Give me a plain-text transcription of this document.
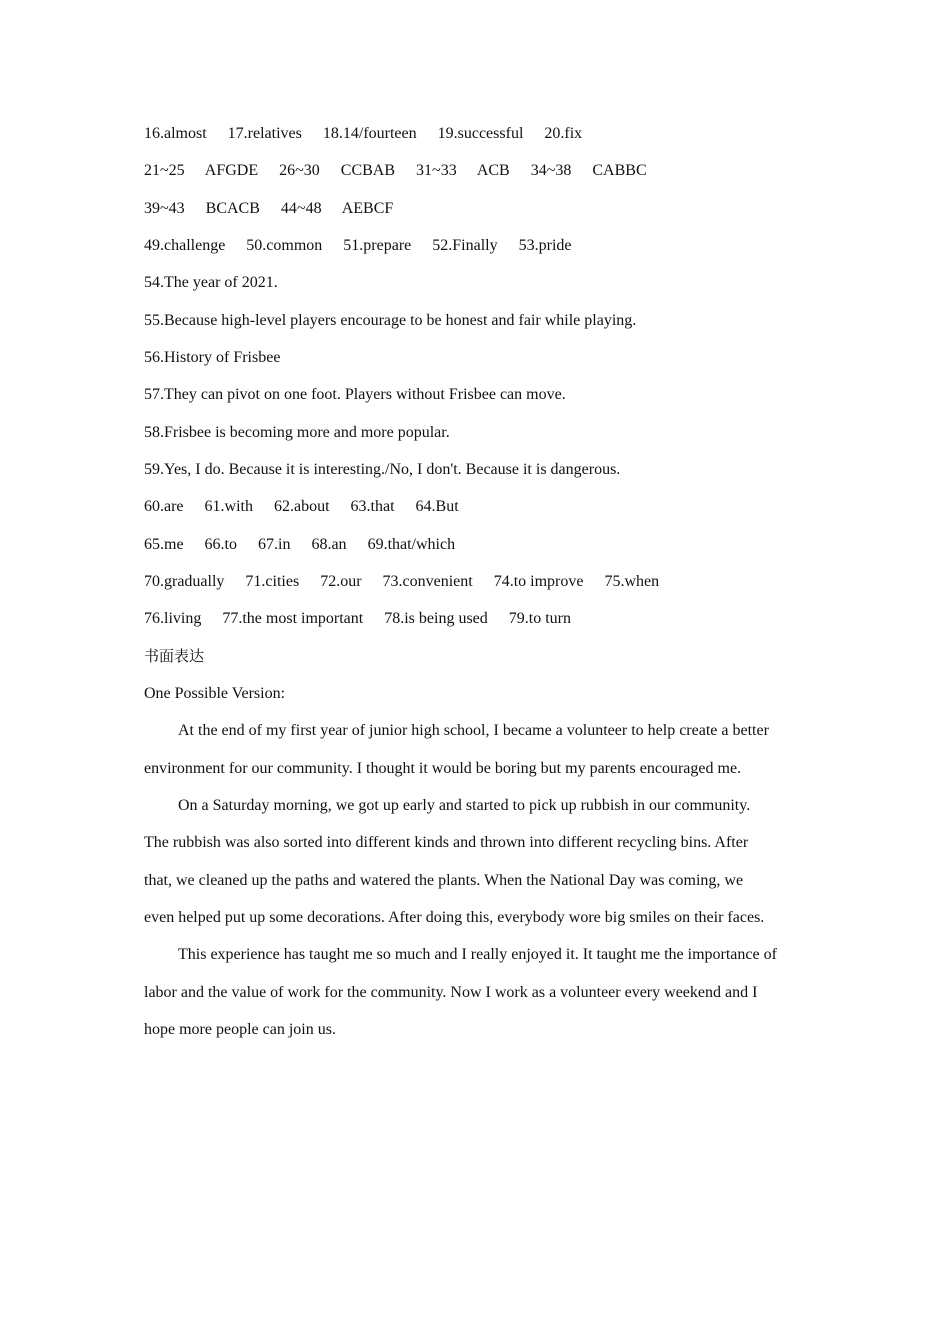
16.almost 17.relatives 18.14/fourteen 19.successful 20.fix
21~25 AFGDE 26~30 CCBAB 31~33 ACB 34~38 CABBC
39~43 BCACB 44~48 AEBCF
49.challenge 50.common 51.prepare 52.Finally 53.pride
54.The year of 2021.
55.Because high-level players encourage to be honest and fair while playing.
56.History of Frisbee
57.They can pivot on one foot. Players without Frisbee can move.
58.Frisbee is becoming more and more popular.
59.Yes, I do. Because it is interesting./No, I don't. Because it is dangerous.
60.are 61.with 62.about 63.that 64.But
65.me 66.to 67.in 68.an 69.that/which
70.gradually 71.cities 72.our 73.convenient 74.to improve 75.when
76.living 77.the most important 78.is being used 79.to turn
书面表达
One Possible Version:
At the end of my first year of junior high school, I became a volunteer to help create a better
environment for our community. I thought it would be boring but my parents encouraged me.
On a Saturday morning, we got up early and started to pick up rubbish in our community.
The rubbish was also sorted into different kinds and thrown into different recycling bins. After
that, we cleaned up the paths and watered the plants. When the National Day was coming, we
even helped put up some decorations. After doing this, everybody wore big smiles on their faces.
This experience has taught me so much and I really enjoyed it. It taught me the importance of
labor and the value of work for the community. Now I work as a volunteer every weekend and I
hope more people can join us.
